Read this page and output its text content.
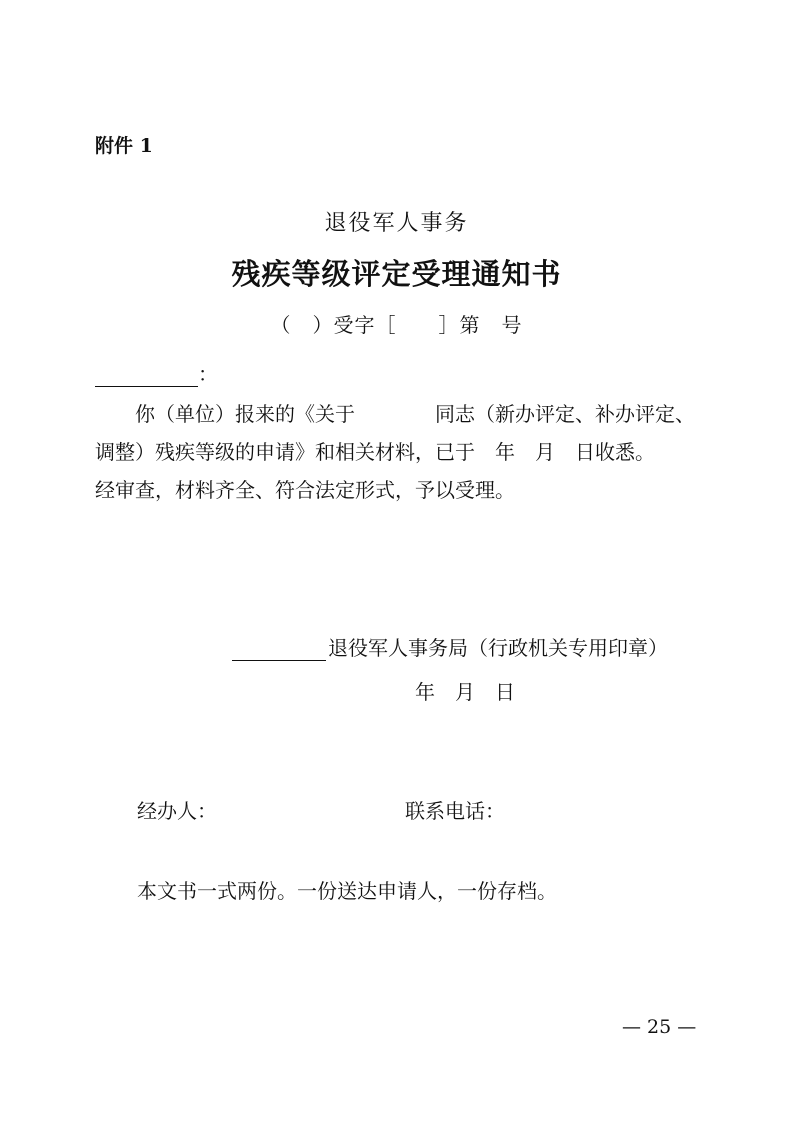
附件 1
退役军人事务
残疾等级评定受理通知书
（　）受字［　　］第　号
：

你（单位）报来的《关于　　　　同志（新办评定、补办评定、

调整）残疾等级的申请》和相关材料，已于　年　月　日收悉。

经审查，材料齐全、符合法定形式，予以受理。

退役军人事务局（行政机关专用印章）
年　月　日
经办人：	联系电话：
本文书一式两份。一份送达申请人，一份存档。
— 25 —
